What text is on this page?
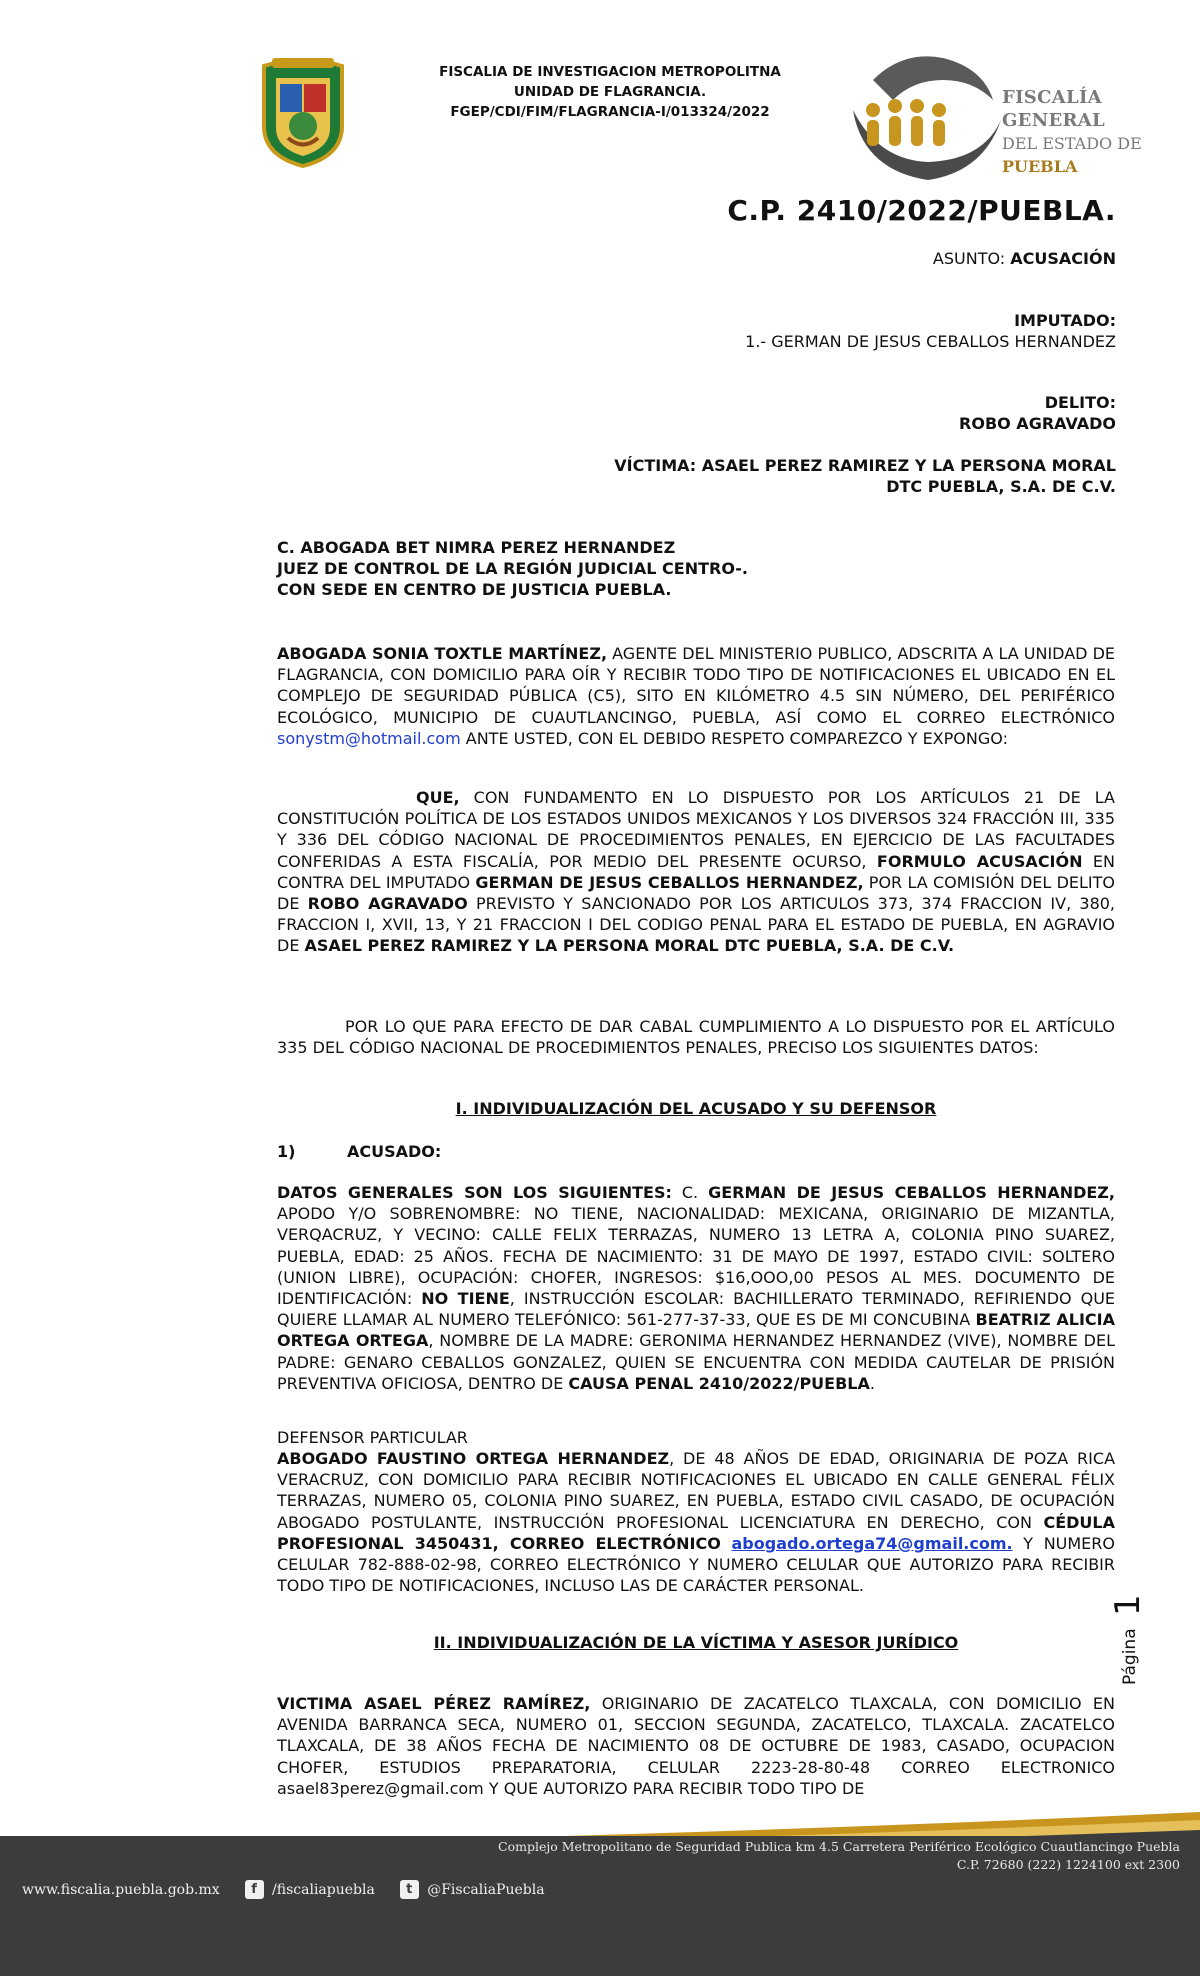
FISCALIA DE INVESTIGACION METROPOLITNA
UNIDAD DE FLAGRANCIA.
FGEP/CDI/FIM/FLAGRANCIA-I/013324/2022
FISCALÍA GENERAL
DEL ESTADO DE
PUEBLA
C.P. 2410/2022/PUEBLA.
ASUNTO: ACUSACIÓN
IMPUTADO:
1.- GERMAN DE JESUS CEBALLOS HERNANDEZ
DELITO:
ROBO AGRAVADO
VÍCTIMA: ASAEL PEREZ RAMIREZ Y LA PERSONA MORAL
DTC PUEBLA, S.A. DE C.V.
C. ABOGADA BET NIMRA PEREZ HERNANDEZ
JUEZ DE CONTROL DE LA REGIÓN JUDICIAL CENTRO-.
CON SEDE EN CENTRO DE JUSTICIA PUEBLA.
ABOGADA SONIA TOXTLE MARTÍNEZ, AGENTE DEL MINISTERIO PUBLICO, ADSCRITA A LA UNIDAD DE FLAGRANCIA, CON DOMICILIO PARA OÍR Y RECIBIR TODO TIPO DE NOTIFICACIONES EL UBICADO EN EL COMPLEJO DE SEGURIDAD PÚBLICA (C5), SITO EN KILÓMETRO 4.5 SIN NÚMERO, DEL PERIFÉRICO ECOLÓGICO, MUNICIPIO DE CUAUTLANCINGO, PUEBLA, ASÍ COMO EL CORREO ELECTRÓNICO sonystm@hotmail.com ANTE USTED, CON EL DEBIDO RESPETO COMPAREZCO Y EXPONGO:
QUE, CON FUNDAMENTO EN LO DISPUESTO POR LOS ARTÍCULOS 21 DE LA CONSTITUCIÓN POLÍTICA DE LOS ESTADOS UNIDOS MEXICANOS Y LOS DIVERSOS 324 FRACCIÓN III, 335 Y 336 DEL CÓDIGO NACIONAL DE PROCEDIMIENTOS PENALES, EN EJERCICIO DE LAS FACULTADES CONFERIDAS A ESTA FISCALÍA, POR MEDIO DEL PRESENTE OCURSO, FORMULO ACUSACIÓN EN CONTRA DEL IMPUTADO GERMAN DE JESUS CEBALLOS HERNANDEZ, POR LA COMISIÓN DEL DELITO DE ROBO AGRAVADO PREVISTO Y SANCIONADO POR LOS ARTICULOS 373, 374 FRACCION IV, 380, FRACCION I, XVII, 13, Y 21 FRACCION I DEL CODIGO PENAL PARA EL ESTADO DE PUEBLA, EN AGRAVIO DE ASAEL PEREZ RAMIREZ Y LA PERSONA MORAL DTC PUEBLA, S.A. DE C.V.
POR LO QUE PARA EFECTO DE DAR CABAL CUMPLIMIENTO A LO DISPUESTO POR EL ARTÍCULO 335 DEL CÓDIGO NACIONAL DE PROCEDIMIENTOS PENALES, PRECISO LOS SIGUIENTES DATOS:
I. INDIVIDUALIZACIÓN DEL ACUSADO Y SU DEFENSOR
1)	ACUSADO:
DATOS GENERALES SON LOS SIGUIENTES: C. GERMAN DE JESUS CEBALLOS HERNANDEZ, APODO Y/O SOBRENOMBRE: NO TIENE, NACIONALIDAD: MEXICANA, ORIGINARIO DE MIZANTLA, VERQACRUZ, Y VECINO: CALLE FELIX TERRAZAS, NUMERO 13 LETRA A, COLONIA PINO SUAREZ, PUEBLA, EDAD: 25 AÑOS. FECHA DE NACIMIENTO: 31 DE MAYO DE 1997, ESTADO CIVIL: SOLTERO (UNION LIBRE), OCUPACIÓN: CHOFER, INGRESOS: $16,OOO,00 PESOS AL MES. DOCUMENTO DE IDENTIFICACIÓN: NO TIENE, INSTRUCCIÓN ESCOLAR: BACHILLERATO TERMINADO, REFIRIENDO QUE QUIERE LLAMAR AL NUMERO TELEFÓNICO: 561-277-37-33, QUE ES DE MI CONCUBINA BEATRIZ ALICIA ORTEGA ORTEGA, NOMBRE DE LA MADRE: GERONIMA HERNANDEZ HERNANDEZ (VIVE), NOMBRE DEL PADRE: GENARO CEBALLOS GONZALEZ, QUIEN SE ENCUENTRA CON MEDIDA CAUTELAR DE PRISIÓN PREVENTIVA OFICIOSA, DENTRO DE CAUSA PENAL 2410/2022/PUEBLA.
DEFENSOR PARTICULAR
ABOGADO FAUSTINO ORTEGA HERNANDEZ, DE 48 AÑOS DE EDAD, ORIGINARIA DE POZA RICA VERACRUZ, CON DOMICILIO PARA RECIBIR NOTIFICACIONES EL UBICADO EN CALLE GENERAL FÉLIX TERRAZAS, NUMERO 05, COLONIA PINO SUAREZ, EN PUEBLA, ESTADO CIVIL CASADO, DE OCUPACIÓN ABOGADO POSTULANTE, INSTRUCCIÓN PROFESIONAL LICENCIATURA EN DERECHO, CON CÉDULA PROFESIONAL 3450431, CORREO ELECTRÓNICO abogado.ortega74@gmail.com. Y NUMERO CELULAR 782-888-02-98, CORREO ELECTRÓNICO Y NUMERO CELULAR QUE AUTORIZO PARA RECIBIR TODO TIPO DE NOTIFICACIONES, INCLUSO LAS DE CARÁCTER PERSONAL.
II. INDIVIDUALIZACIÓN DE LA VÍCTIMA Y ASESOR JURÍDICO
VICTIMA ASAEL PÉREZ RAMÍREZ, ORIGINARIO DE ZACATELCO TLAXCALA, CON DOMICILIO EN AVENIDA BARRANCA SECA, NUMERO 01, SECCION SEGUNDA, ZACATELCO, TLAXCALA. ZACATELCO TLAXCALA, DE 38 AÑOS FECHA DE NACIMIENTO 08 DE OCTUBRE DE 1983, CASADO, OCUPACION CHOFER, ESTUDIOS PREPARATORIA, CELULAR 2223-28-80-48 CORREO ELECTRONICO asael83perez@gmail.com Y QUE AUTORIZO PARA RECIBIR TODO TIPO DE
Página
1
Complejo Metropolitano de Seguridad Publica km 4.5 Carretera Periférico Ecológico Cuautlancingo Puebla
C.P. 72680 (222) 1224100 ext 2300
www.fiscalia.puebla.gob.mx f /fiscaliapuebla t @FiscaliaPuebla
